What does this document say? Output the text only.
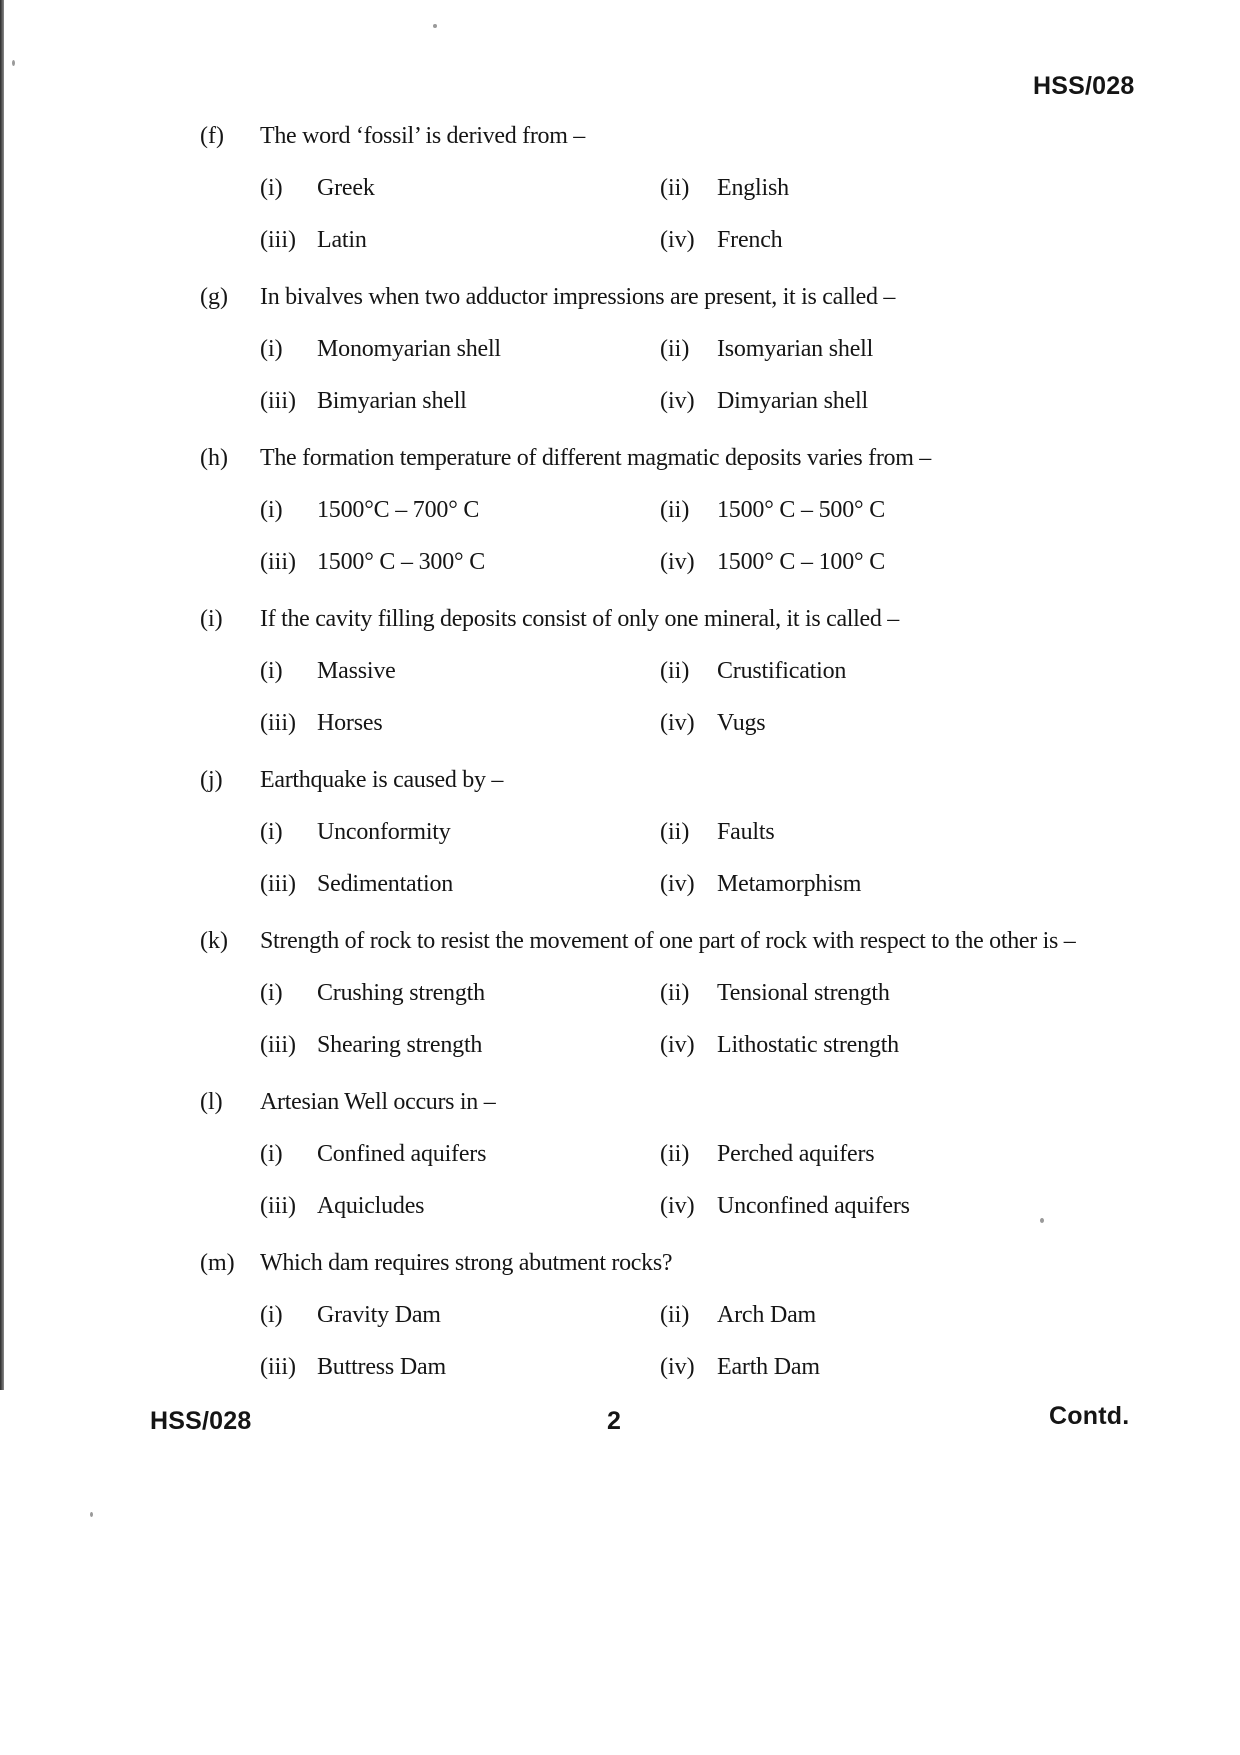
HSS/028
(f) The word ‘fossil’ is derived from –
(i)	Greek	(ii)	English
(iii) Latin	(iv) French
(g) In bivalves when two adductor impressions are present, it is called –
(i)	Monomyarian shell	(ii)	Isomyarian shell
(iii) Bimyarian shell	(iv) Dimyarian shell
(h) The formation temperature of different magmatic deposits varies from –
(i)	1500°C – 700° C	(ii)	1500° C – 500° C
(iii) 1500° C – 300° C	(iv) 1500° C – 100° C
(i) If the cavity filling deposits consist of only one mineral, it is called –
(i)	Massive	(ii)	Crustification
(iii) Horses	(iv) Vugs
(j) Earthquake is caused by –
(i)	Unconformity	(ii)	Faults
(iii) Sedimentation	(iv) Metamorphism
(k) Strength of rock to resist the movement of one part of rock with respect to the other is –
(i)	Crushing strength	(ii)	Tensional strength
(iii) Shearing strength	(iv) Lithostatic strength
(l) Artesian Well occurs in –
(i)	Confined aquifers	(ii)	Perched aquifers
(iii) Aquicludes	(iv) Unconfined aquifers
(m) Which dam requires strong abutment rocks?
(i)	Gravity Dam	(ii)	Arch Dam
(iii) Buttress Dam	(iv) Earth Dam
HSS/028	2	Contd.
